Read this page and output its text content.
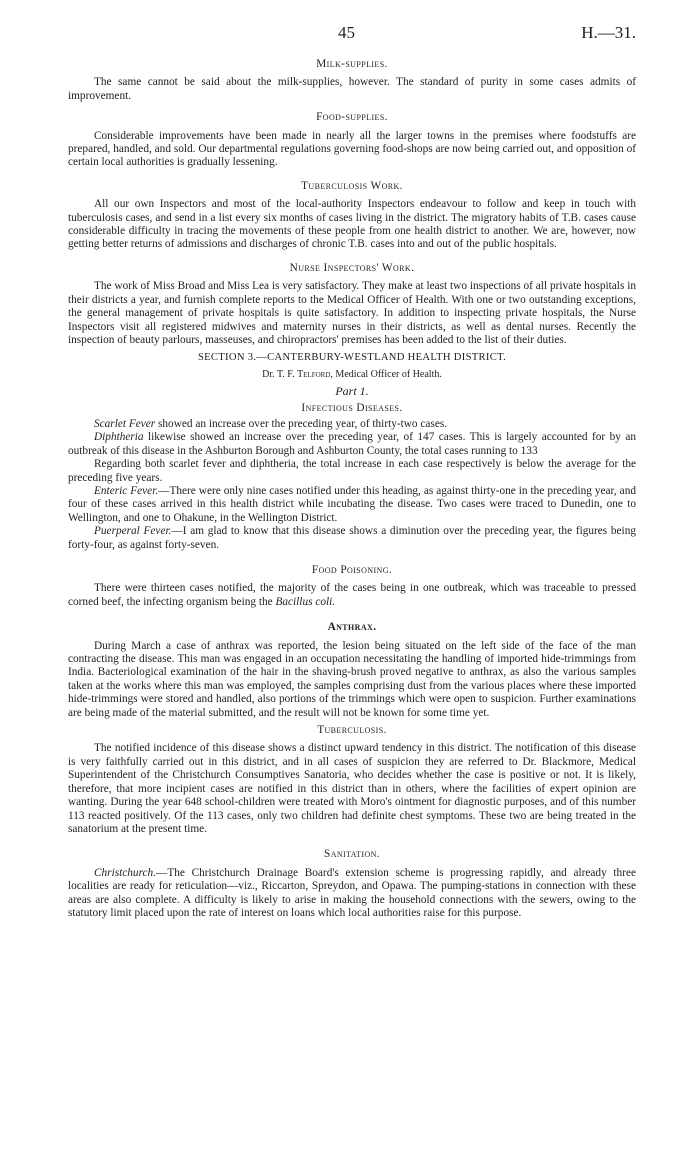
45	H.—31.
Milk-supplies.

The same cannot be said about the milk-supplies, however. The standard of purity in some cases admits of improvement.

Food-supplies.

Considerable improvements have been made in nearly all the larger towns in the premises where foodstuffs are prepared, handled, and sold. Our departmental regulations governing food-shops are now being carried out, and opposition of certain local authorities is gradually lessening.

Tuberculosis Work.

All our own Inspectors and most of the local-authority Inspectors endeavour to follow and keep in touch with tuberculosis cases, and send in a list every six months of cases living in the district. The migratory habits of T.B. cases cause considerable difficulty in tracing the movements of these people from one health district to another. We are, however, now getting better returns of admissions and discharges of chronic T.B. cases into and out of the public hospitals.

Nurse Inspectors' Work.

The work of Miss Broad and Miss Lea is very satisfactory. They make at least two inspections of all private hospitals in their districts a year, and furnish complete reports to the Medical Officer of Health. With one or two outstanding exceptions, the general management of private hospitals is quite satisfactory. In addition to inspecting private hospitals, the Nurse Inspectors visit all registered midwives and maternity nurses in their districts, as well as dental nurses. Recently the inspection of beauty parlours, masseuses, and chiropractors' premises has been added to the list of their duties.

SECTION 3.—CANTERBURY-WESTLAND HEALTH DISTRICT.
Dr. T. F. Telford, Medical Officer of Health.
Part 1.
Infectious Diseases.

Scarlet Fever showed an increase over the preceding year, of thirty-two cases.

Diphtheria likewise showed an increase over the preceding year, of 147 cases. This is largely accounted for by an outbreak of this disease in the Ashburton Borough and Ashburton County, the total cases running to 133

Regarding both scarlet fever and diphtheria, the total increase in each case respectively is below the average for the preceding five years.

Enteric Fever.—There were only nine cases notified under this heading, as against thirty-one in the preceding year, and four of these cases arrived in this health district while incubating the disease. Two cases were traced to Dunedin, one to Wellington, and one to Ohakune, in the Wellington District.

Puerperal Fever.—I am glad to know that this disease shows a diminution over the preceding year, the figures being forty-four, as against forty-seven.

Food Poisoning.

There were thirteen cases notified, the majority of the cases being in one outbreak, which was traceable to pressed corned beef, the infecting organism being the Bacillus coli.

Anthrax.

During March a case of anthrax was reported, the lesion being situated on the left side of the face of the man contracting the disease. This man was engaged in an occupation necessitating the handling of imported hide-trimmings from India. Bacteriological examination of the hair in the shaving-brush proved negative to anthrax, as also the various samples taken at the works where this man was employed, the samples comprising dust from the various places where these imported hide-trimmings were stored and handled, also portions of the trimmings which were open to suspicion. Further examinations are being made of the material submitted, and the result will not be known for some time yet.

Tuberculosis.

The notified incidence of this disease shows a distinct upward tendency in this district. The notification of this disease is very faithfully carried out in this district, and in all cases of suspicion they are referred to Dr. Blackmore, Medical Superintendent of the Christchurch Consumptives Sanatoria, who decides whether the case is positive or not. It is likely, therefore, that more incipient cases are notified in this district than in others, where the facilities of expert opinion are wanting. During the year 648 school-children were treated with Moro's ointment for diagnostic purposes, and of this number 113 reacted positively. Of the 113 cases, only two children had definite chest symptoms. These two are being treated in the sanatorium at the present time.

Sanitation.

Christchurch.—The Christchurch Drainage Board's extension scheme is progressing rapidly, and already three localities are ready for reticulation—viz., Riccarton, Spreydon, and Opawa. The pumping-stations in connection with these areas are also complete. A difficulty is likely to arise in making the household connections with the sewers, owing to the statutory limit placed upon the rate of interest on loans which local authorities raise for this purpose.
